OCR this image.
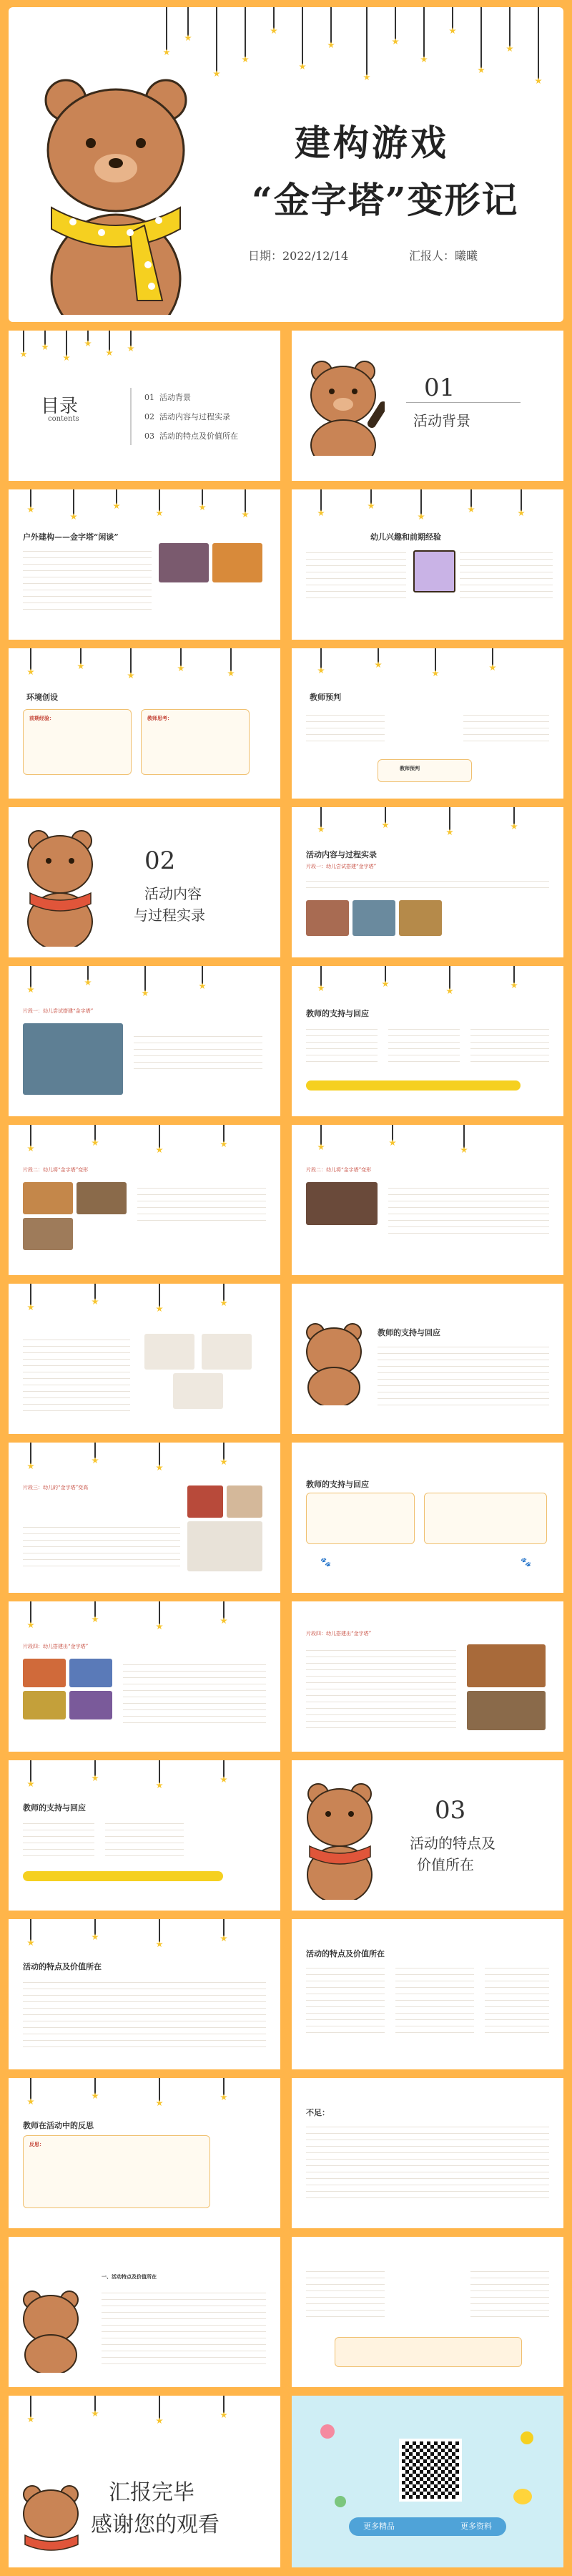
建构游戏
“金字塔”变形记
日期：2022/12/14	汇报人：曦曦
目录
contents
01 活动背景
02 活动内容与过程实录
03 活动的特点及价值所在
01
活动背景
户外建构——金字塔“闲谈”	幼儿兴趣和前期经验
环境创设
前期经验：	教师思考：
教师预判
教师预判
02
活动内容
与过程实录
活动内容与过程实录
片段一：幼儿尝试搭建“金字塔”
片段一：幼儿尝试搭建“金字塔”	教师的支持与回应
片段二：幼儿将“金字塔”变形	片段二：幼儿将“金字塔”变形
教师的支持与回应
片段三：幼儿的“金字塔”变高	教师的支持与回应
🐾	🐾
片段四：幼儿搭建出“金字塔”
片段四：幼儿搭建出“金字塔”
教师的支持与回应	03
活动的特点及
价值所在
活动的特点及价值所在
活动的特点及价值所在
教师在活动中的反思
反思：
不足：
一、活动特点及价值所在
汇报完毕
感谢您的观看	更多精品	更多资料
